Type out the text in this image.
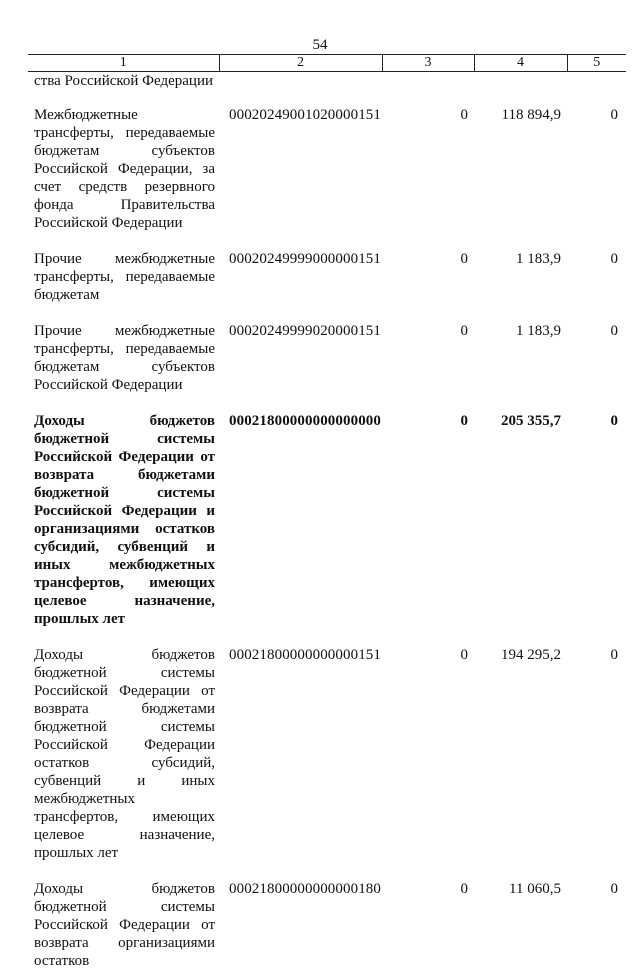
54
1	2	3	4	5
ства Российской Федерации				
Межбюджетные трансферты, передаваемые бюджетам субъектов Российской Федерации, за счет средств резервного фонда Правительства Российской Федерации	00020249001020000151	0	118 894,9	0
Прочие межбюджетные трансферты, передаваемые бюджетам	00020249999000000151	0	1 183,9	0
Прочие межбюджетные трансферты, передаваемые бюджетам субъектов Российской Федерации	00020249999020000151	0	1 183,9	0
Доходы бюджетов бюджетной системы Российской Федерации от возврата бюджетами бюджетной системы Российской Федерации и организациями остатков субсидий, субвенций и иных межбюджетных трансфертов, имеющих целевое назначение, прошлых лет	00021800000000000000	0	205 355,7	0
Доходы бюджетов бюджетной системы Российской Федерации от возврата бюджетами бюджетной системы Российской Федерации остатков субсидий, субвенций и иных межбюджетных трансфертов, имеющих целевое назначение, прошлых лет	00021800000000000151	0	194 295,2	0
Доходы бюджетов бюджетной системы Российской Федерации от возврата организациями остатков	00021800000000000180	0	11 060,5	0
